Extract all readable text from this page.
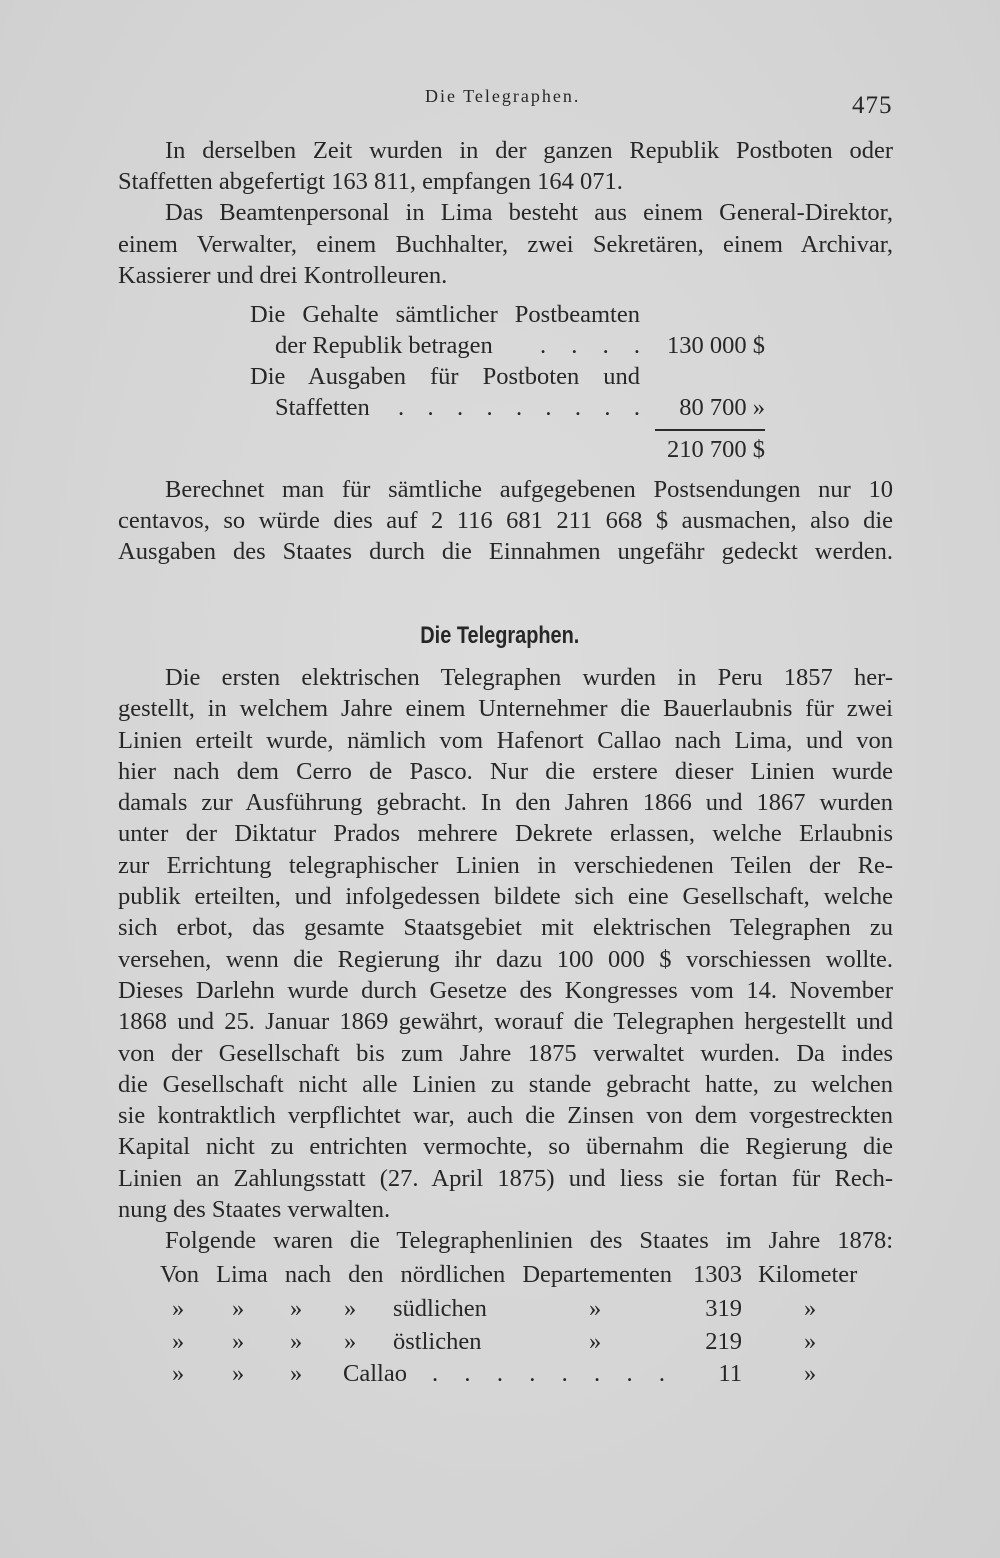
Die Telegraphen.	475
In derselben Zeit wurden in der ganzen Republik Postboten oder
Staffetten abgefertigt 163 811, empfangen 164 071.
Das Beamtenpersonal in Lima besteht aus einem General-Direktor,
einem Verwalter, einem Buchhalter, zwei Sekretären, einem Archivar,
Kassierer und drei Kontrolleuren.
Die Gehalte sämtlicher Postbeamten
der Republik betragen . . . .	130 000 $
Die Ausgaben für Postboten und
Staffetten . . . . . . . . .	80 700 »
210 700 $
Berechnet man für sämtliche aufgegebenen Postsendungen nur 10
centavos, so würde dies auf 2 116 681 211 668 $ ausmachen, also die
Ausgaben des Staates durch die Einnahmen ungefähr gedeckt werden.
Die Telegraphen.
Die ersten elektrischen Telegraphen wurden in Peru 1857 her-
gestellt, in welchem Jahre einem Unternehmer die Bauerlaubnis für zwei
Linien erteilt wurde, nämlich vom Hafenort Callao nach Lima, und von
hier nach dem Cerro de Pasco. Nur die erstere dieser Linien wurde
damals zur Ausführung gebracht. In den Jahren 1866 und 1867 wurden
unter der Diktatur Prados mehrere Dekrete erlassen, welche Erlaubnis
zur Errichtung telegraphischer Linien in verschiedenen Teilen der Re-
publik erteilten, und infolgedessen bildete sich eine Gesellschaft, welche
sich erbot, das gesamte Staatsgebiet mit elektrischen Telegraphen zu
versehen, wenn die Regierung ihr dazu 100 000 $ vorschiessen wollte.
Dieses Darlehn wurde durch Gesetze des Kongresses vom 14. November
1868 und 25. Januar 1869 gewährt, worauf die Telegraphen hergestellt und
von der Gesellschaft bis zum Jahre 1875 verwaltet wurden. Da indes
die Gesellschaft nicht alle Linien zu stande gebracht hatte, zu welchen
sie kontraktlich verpflichtet war, auch die Zinsen von dem vorgestreckten
Kapital nicht zu entrichten vermochte, so übernahm die Regierung die
Linien an Zahlungsstatt (27. April 1875) und liess sie fortan für Rech-
nung des Staates verwalten.
Folgende waren die Telegraphenlinien des Staates im Jahre 1878:
Von Lima nach den nördlichen Departementen 1303 Kilometer
» » » » südlichen	»	319	»
» » » » östlichen	»	219	»
» » » Callao . . . . . . . .	11	»
